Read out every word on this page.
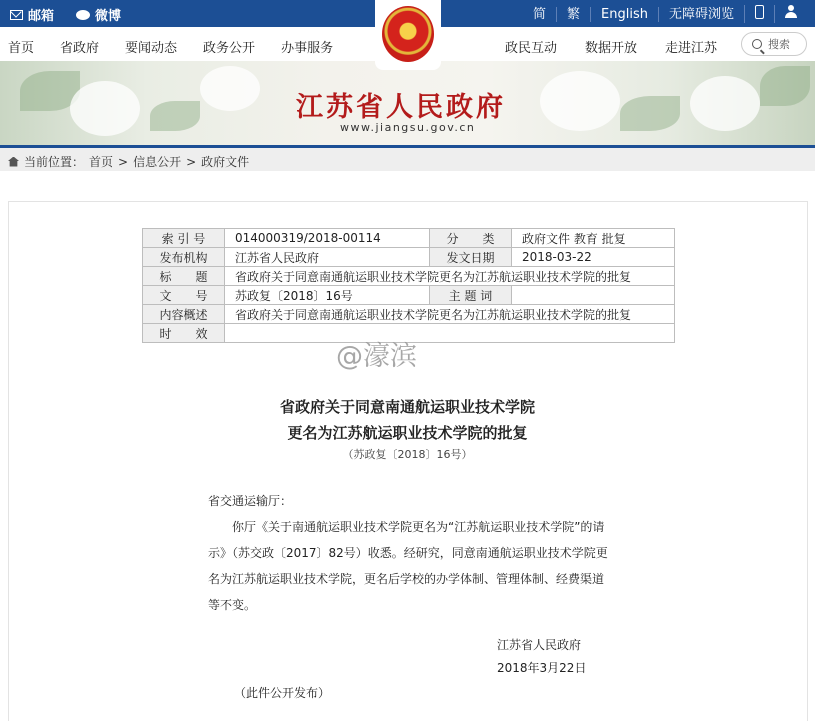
邮箱	微博	简	繁	English	无障碍浏览
首页 省政府 要闻动态 政务公开 办事服务	政民互动 数据开放 走进江苏	搜索
江苏省人民政府
www.jiangsu.gov.cn
当前位置： 首页 > 信息公开 > 政府文件
索 引 号	014000319/2018-00114	分　　类	政府文件 教育 批复
发布机构	江苏省人民政府	发文日期	2018-03-22
标　　题	省政府关于同意南通航运职业技术学院更名为江苏航运职业技术学院的批复		
文　　号	苏政复〔2018〕16号	主 题 词	
内容概述	省政府关于同意南通航运职业技术学院更名为江苏航运职业技术学院的批复		
时　　效			
@濠滨
省政府关于同意南通航运职业技术学院
更名为江苏航运职业技术学院的批复
（苏政复〔2018〕16号）
省交通运输厅：
你厅《关于南通航运职业技术学院更名为“江苏航运职业技术学院”的请示》（苏交政〔2017〕82号）收悉。经研究，同意南通航运职业技术学院更名为江苏航运职业技术学院，更名后学校的办学体制、管理体制、经费渠道等不变。
江苏省人民政府
2018年3月22日
（此件公开发布）
